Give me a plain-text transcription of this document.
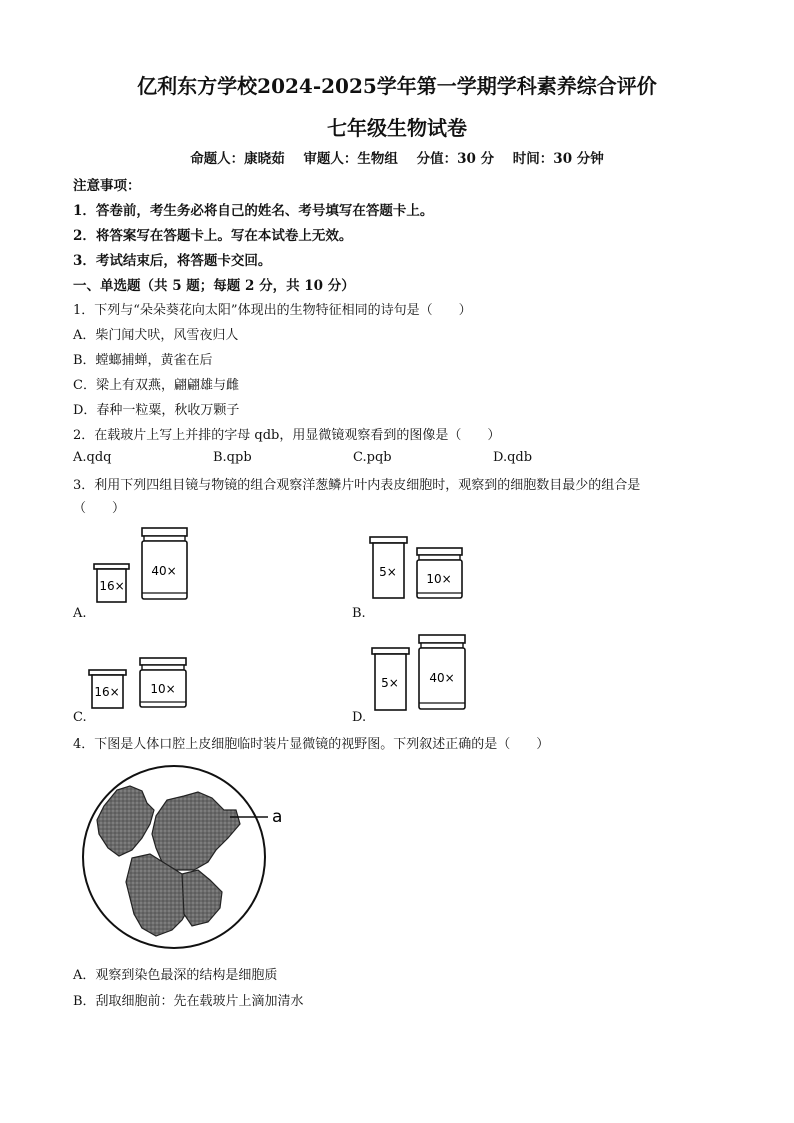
亿利东方学校2024-2025学年第一学期学科素养综合评价
七年级生物试卷
命题人：康晓茹 审题人：生物组 分值：30 分 时间：30 分钟
注意事项：
1．答卷前，考生务必将自己的姓名、考号填写在答题卡上。
2．将答案写在答题卡上。写在本试卷上无效。
3．考试结束后，将答题卡交回。
一、单选题（共 5 题；每题 2 分，共 10 分）
1．下列与“朵朵葵花向太阳”体现出的生物特征相同的诗句是（　　）
A．柴门闻犬吠，风雪夜归人
B．螳螂捕蝉，黄雀在后
C．梁上有双燕，翩翩雄与雌
D．春种一粒粟，秋收万颗子
2．在载玻片上写上并排的字母 qdb，用显微镜观察看到的图像是（　　）
A.qdq	B.qpb	C.pqb	D.qdb
3．利用下列四组目镜与物镜的组合观察洋葱鳞片叶内表皮细胞时，观察到的细胞数目最少的组合是
（　　）
16×
40×
A.
5× 10×
B.
16×	10×
C.
5×	40×
D.
4．下图是人体口腔上皮细胞临时装片显微镜的视野图。下列叙述正确的是（　　）
a
A．观察到染色最深的结构是细胞质
B．刮取细胞前：先在载玻片上滴加清水
